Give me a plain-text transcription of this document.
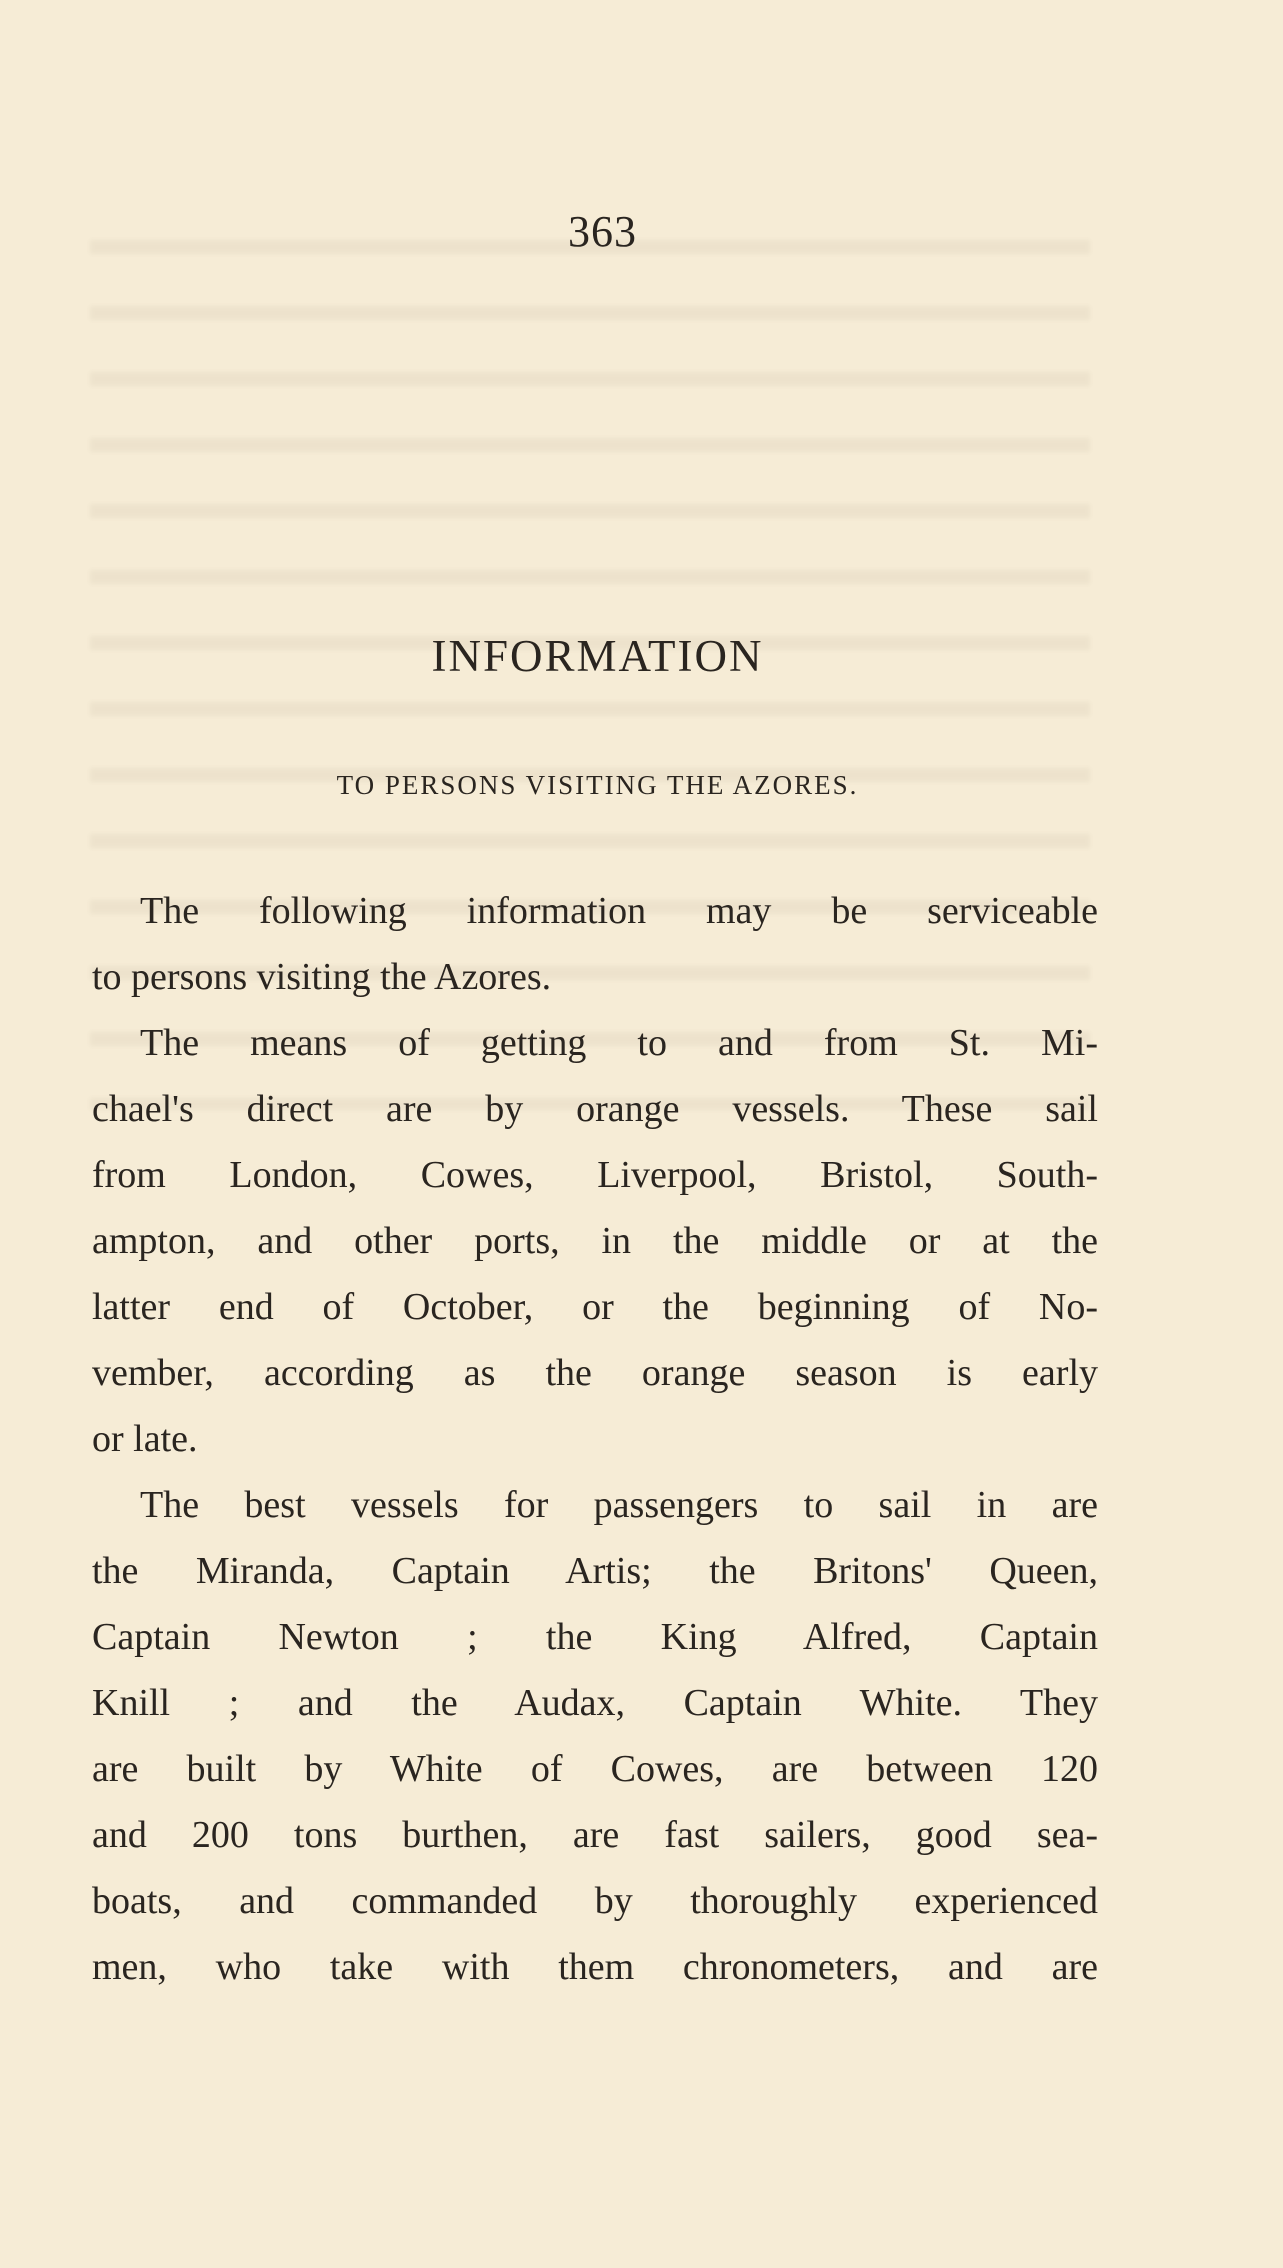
363
INFORMATION
TO PERSONS VISITING THE AZORES.
The following information may be serviceable
to persons visiting the Azores.
The means of getting to and from St. Mi-
chael's direct are by orange vessels. These sail
from London, Cowes, Liverpool, Bristol, South-
ampton, and other ports, in the middle or at the
latter end of October, or the beginning of No-
vember, according as the orange season is early
or late.
The best vessels for passengers to sail in are
the Miranda, Captain Artis; the Britons' Queen,
Captain Newton ; the King Alfred, Captain
Knill ; and the Audax, Captain White. They
are built by White of Cowes, are between 120
and 200 tons burthen, are fast sailers, good sea-
boats, and commanded by thoroughly experienced
men, who take with them chronometers, and are
